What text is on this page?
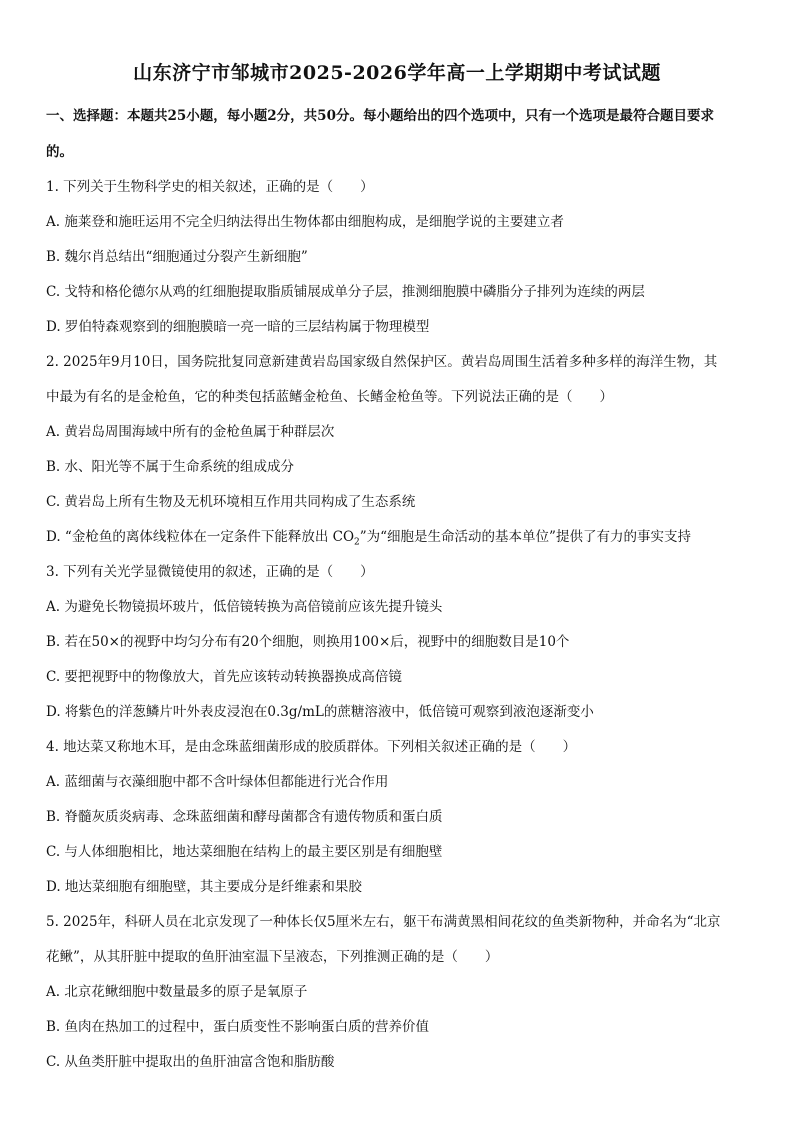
山东济宁市邹城市2025-2026学年高一上学期期中考试试题

一、选择题：本题共25小题，每小题2分，共50分。每小题给出的四个选项中，只有一个选项是最符合题目要求

的。

1. 下列关于生物科学史的相关叙述，正确的是（　　）

A. 施莱登和施旺运用不完全归纳法得出生物体都由细胞构成，是细胞学说的主要建立者

B. 魏尔肖总结出“细胞通过分裂产生新细胞”

C. 戈特和格伦德尔从鸡的红细胞提取脂质铺展成单分子层，推测细胞膜中磷脂分子排列为连续的两层

D. 罗伯特森观察到的细胞膜暗一亮一暗的三层结构属于物理模型

2. 2025年9月10日，国务院批复同意新建黄岩岛国家级自然保护区。黄岩岛周围生活着多种多样的海洋生物，其

中最为有名的是金枪鱼，它的种类包括蓝鳍金枪鱼、长鳍金枪鱼等。下列说法正确的是（　　）

A. 黄岩岛周围海域中所有的金枪鱼属于种群层次

B. 水、阳光等不属于生命系统的组成成分

C. 黄岩岛上所有生物及无机环境相互作用共同构成了生态系统

D. “金枪鱼的离体线粒体在一定条件下能释放出 $CO_2$”为“细胞是生命活动的基本单位”提供了有力的事实支持

3. 下列有关光学显微镜使用的叙述，正确的是（　　）

A. 为避免长物镜损坏玻片，低倍镜转换为高倍镜前应该先提升镜头

B. 若在50×的视野中均匀分布有20个细胞，则换用100×后，视野中的细胞数目是10个

C. 要把视野中的物像放大，首先应该转动转换器换成高倍镜

D. 将紫色的洋葱鳞片叶外表皮浸泡在0.3g/mL的蔗糖溶液中，低倍镜可观察到液泡逐渐变小

4. 地达菜又称地木耳，是由念珠蓝细菌形成的胶质群体。下列相关叙述正确的是（　　）

A. 蓝细菌与衣藻细胞中都不含叶绿体但都能进行光合作用

B. 脊髓灰质炎病毒、念珠蓝细菌和酵母菌都含有遗传物质和蛋白质

C. 与人体细胞相比，地达菜细胞在结构上的最主要区别是有细胞壁

D. 地达菜细胞有细胞壁，其主要成分是纤维素和果胶

5. 2025年，科研人员在北京发现了一种体长仅5厘米左右，躯干布满黄黑相间花纹的鱼类新物种，并命名为“北京

花鳅”，从其肝脏中提取的鱼肝油室温下呈液态，下列推测正确的是（　　）

A. 北京花鳅细胞中数量最多的原子是氧原子

B. 鱼肉在热加工的过程中，蛋白质变性不影响蛋白质的营养价值

C. 从鱼类肝脏中提取出的鱼肝油富含饱和脂肪酸
